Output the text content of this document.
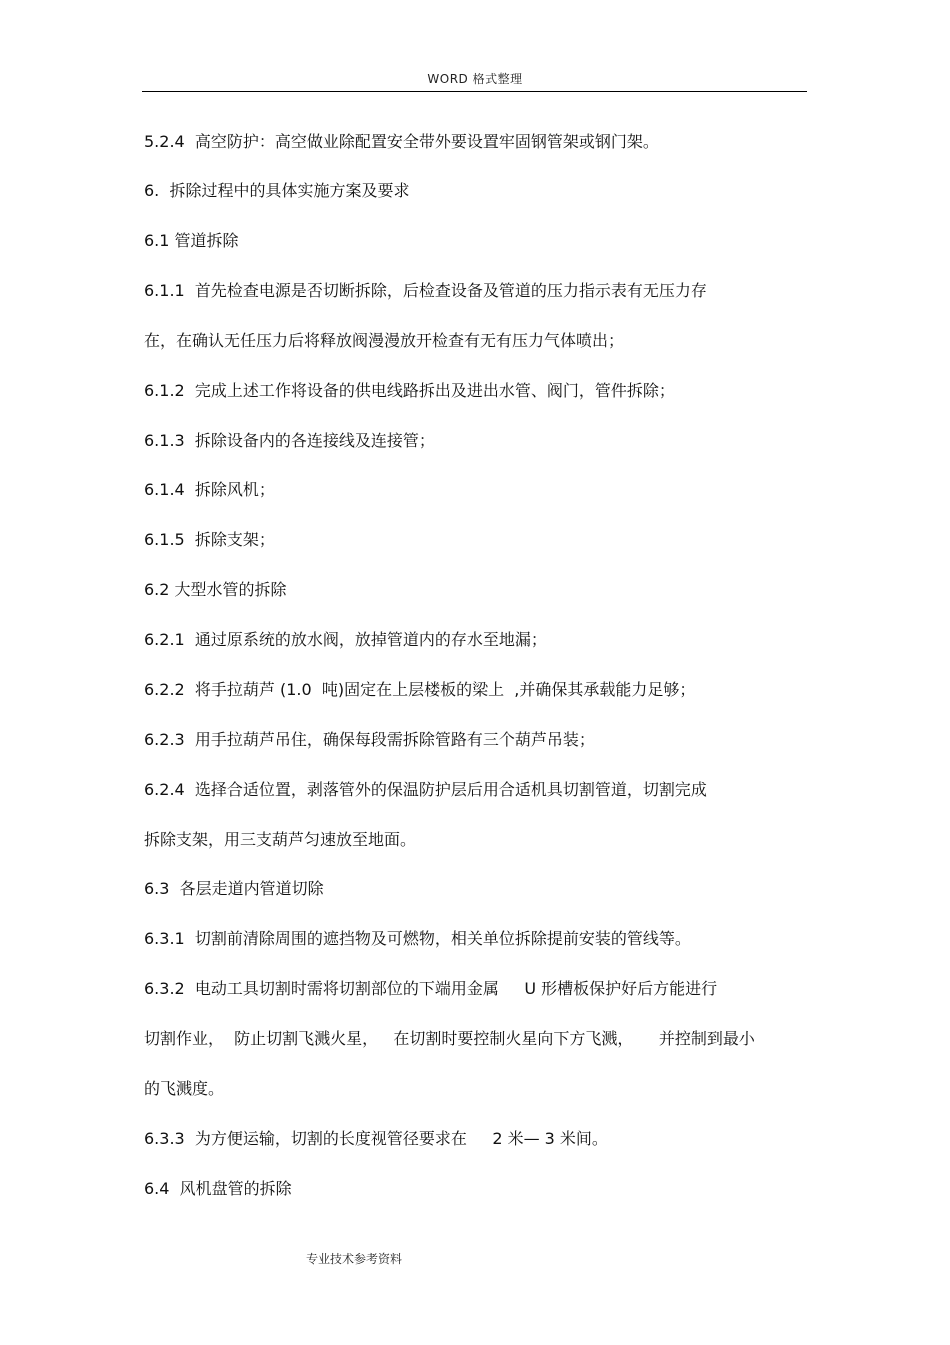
WORD 格式整理
5.2.4  高空防护：高空做业除配置安全带外要设置牢固钢管架或钢门架。
6.  拆除过程中的具体实施方案及要求
6.1 管道拆除
6.1.1  首先检查电源是否切断拆除，后检查设备及管道的压力指示表有无压力存
在，在确认无任压力后将释放阀漫漫放开检查有无有压力气体喷出；
6.1.2  完成上述工作将设备的供电线路拆出及进出水管、阀门，管件拆除；
6.1.3  拆除设备内的各连接线及连接管；
6.1.4  拆除风机；
6.1.5  拆除支架；
6.2 大型水管的拆除
6.2.1  通过原系统的放水阀，放掉管道内的存水至地漏；
6.2.2  将手拉葫芦 (1.0  吨)固定在上层楼板的梁上  ,并确保其承载能力足够；
6.2.3  用手拉葫芦吊住，确保每段需拆除管路有三个葫芦吊装；
6.2.4  选择合适位置，剥落管外的保温防护层后用合适机具切割管道，切割完成
拆除支架，用三支葫芦匀速放至地面。
6.3  各层走道内管道切除
6.3.1  切割前清除周围的遮挡物及可燃物，相关单位拆除提前安装的管线等。
6.3.2  电动工具切割时需将切割部位的下端用金属     U 形槽板保护好后方能进行
切割作业，  防止切割飞溅火星，   在切割时要控制火星向下方飞溅，     并控制到最小
的飞溅度。
6.3.3  为方便运输，切割的长度视管径要求在     2 米— 3 米间。
6.4  风机盘管的拆除
专业技术参考资料
